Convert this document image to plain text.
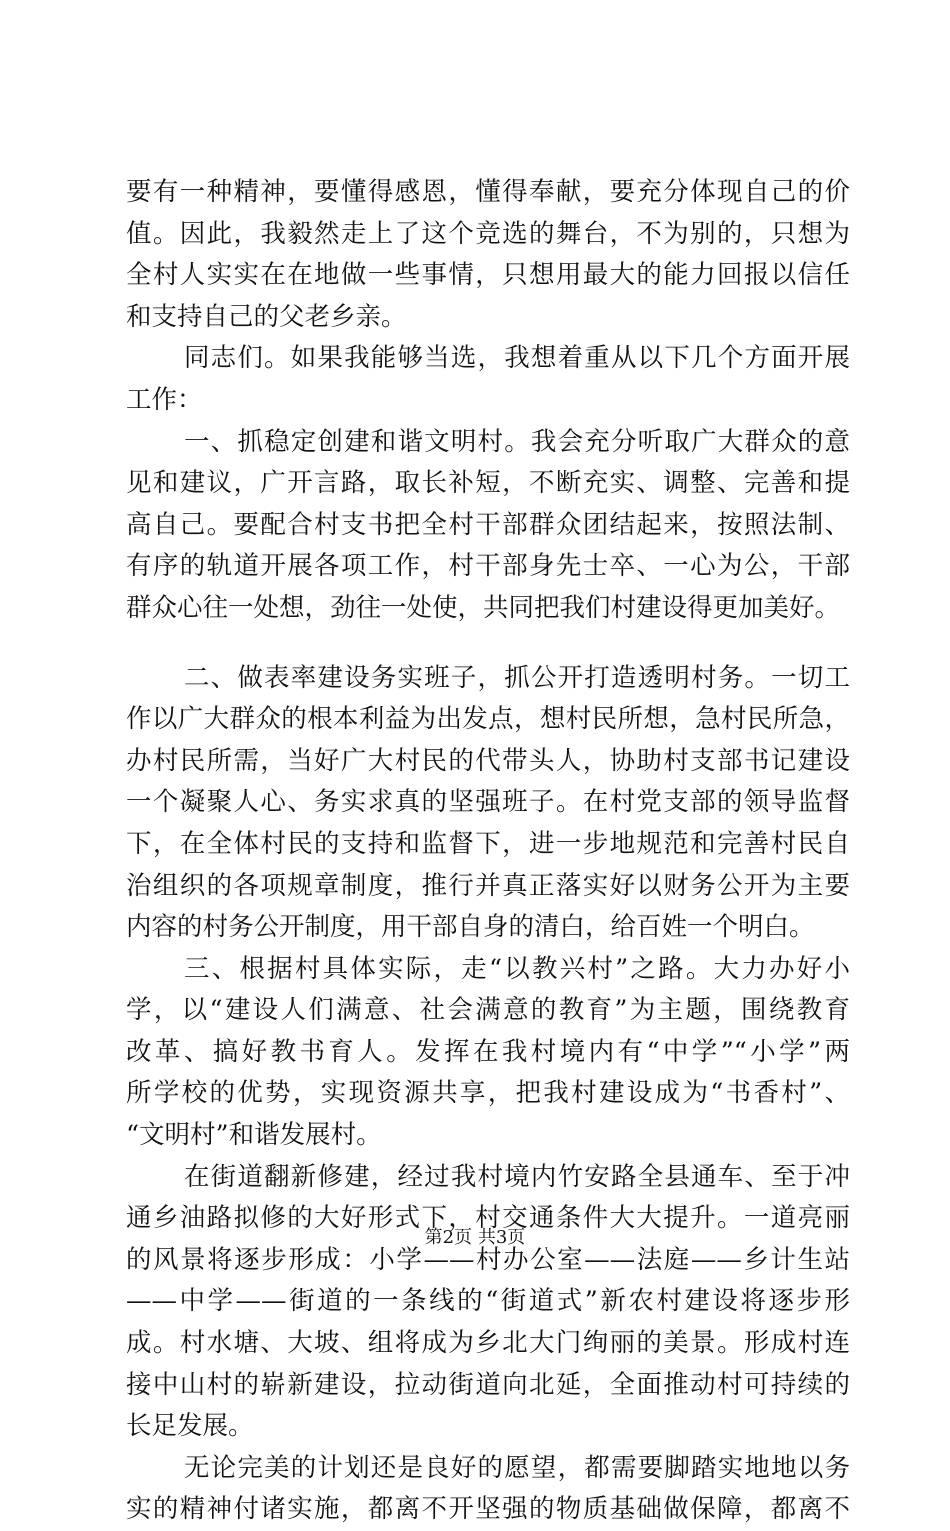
要有一种精神，要懂得感恩，懂得奉献，要充分体现自己的价
值。因此，我毅然走上了这个竞选的舞台，不为别的，只想为
全村人实实在在地做一些事情，只想用最大的能力回报以信任
和支持自己的父老乡亲。
同志们。如果我能够当选，我想着重从以下几个方面开展
工作：
一、抓稳定创建和谐文明村。我会充分听取广大群众的意
见和建议，广开言路，取长补短，不断充实、调整、完善和提
高自己。要配合村支书把全村干部群众团结起来，按照法制、
有序的轨道开展各项工作，村干部身先士卒、一心为公，干部
群众心往一处想，劲往一处使，共同把我们村建设得更加美好。
二、做表率建设务实班子，抓公开打造透明村务。一切工
作以广大群众的根本利益为出发点，想村民所想，急村民所急，
办村民所需，当好广大村民的代带头人，协助村支部书记建设
一个凝聚人心、务实求真的坚强班子。在村党支部的领导监督
下，在全体村民的支持和监督下，进一步地规范和完善村民自
治组织的各项规章制度，推行并真正落实好以财务公开为主要
内容的村务公开制度，用干部自身的清白，给百姓一个明白。
三、根据村具体实际，走“以教兴村”之路。大力办好小
学，以“建设人们满意、社会满意的教育”为主题，围绕教育
改革、搞好教书育人。发挥在我村境内有“中学”“小学”两
所学校的优势，实现资源共享，把我村建设成为“书香村”、
“文明村”和谐发展村。
在街道翻新修建，经过我村境内竹安路全县通车、至于冲
通乡油路拟修的大好形式下，村交通条件大大提升。一道亮丽
的风景将逐步形成：小学——村办公室——法庭——乡计生站
——中学——街道的一条线的“街道式”新农村建设将逐步形
成。村水塘、大坡、组将成为乡北大门绚丽的美景。形成村连
接中山村的崭新建设，拉动街道向北延，全面推动村可持续的
长足发展。
无论完美的计划还是良好的愿望，都需要脚踏实地地以务
实的精神付诸实施，都离不开坚强的物质基础做保障，都离不
第2页 共3页
